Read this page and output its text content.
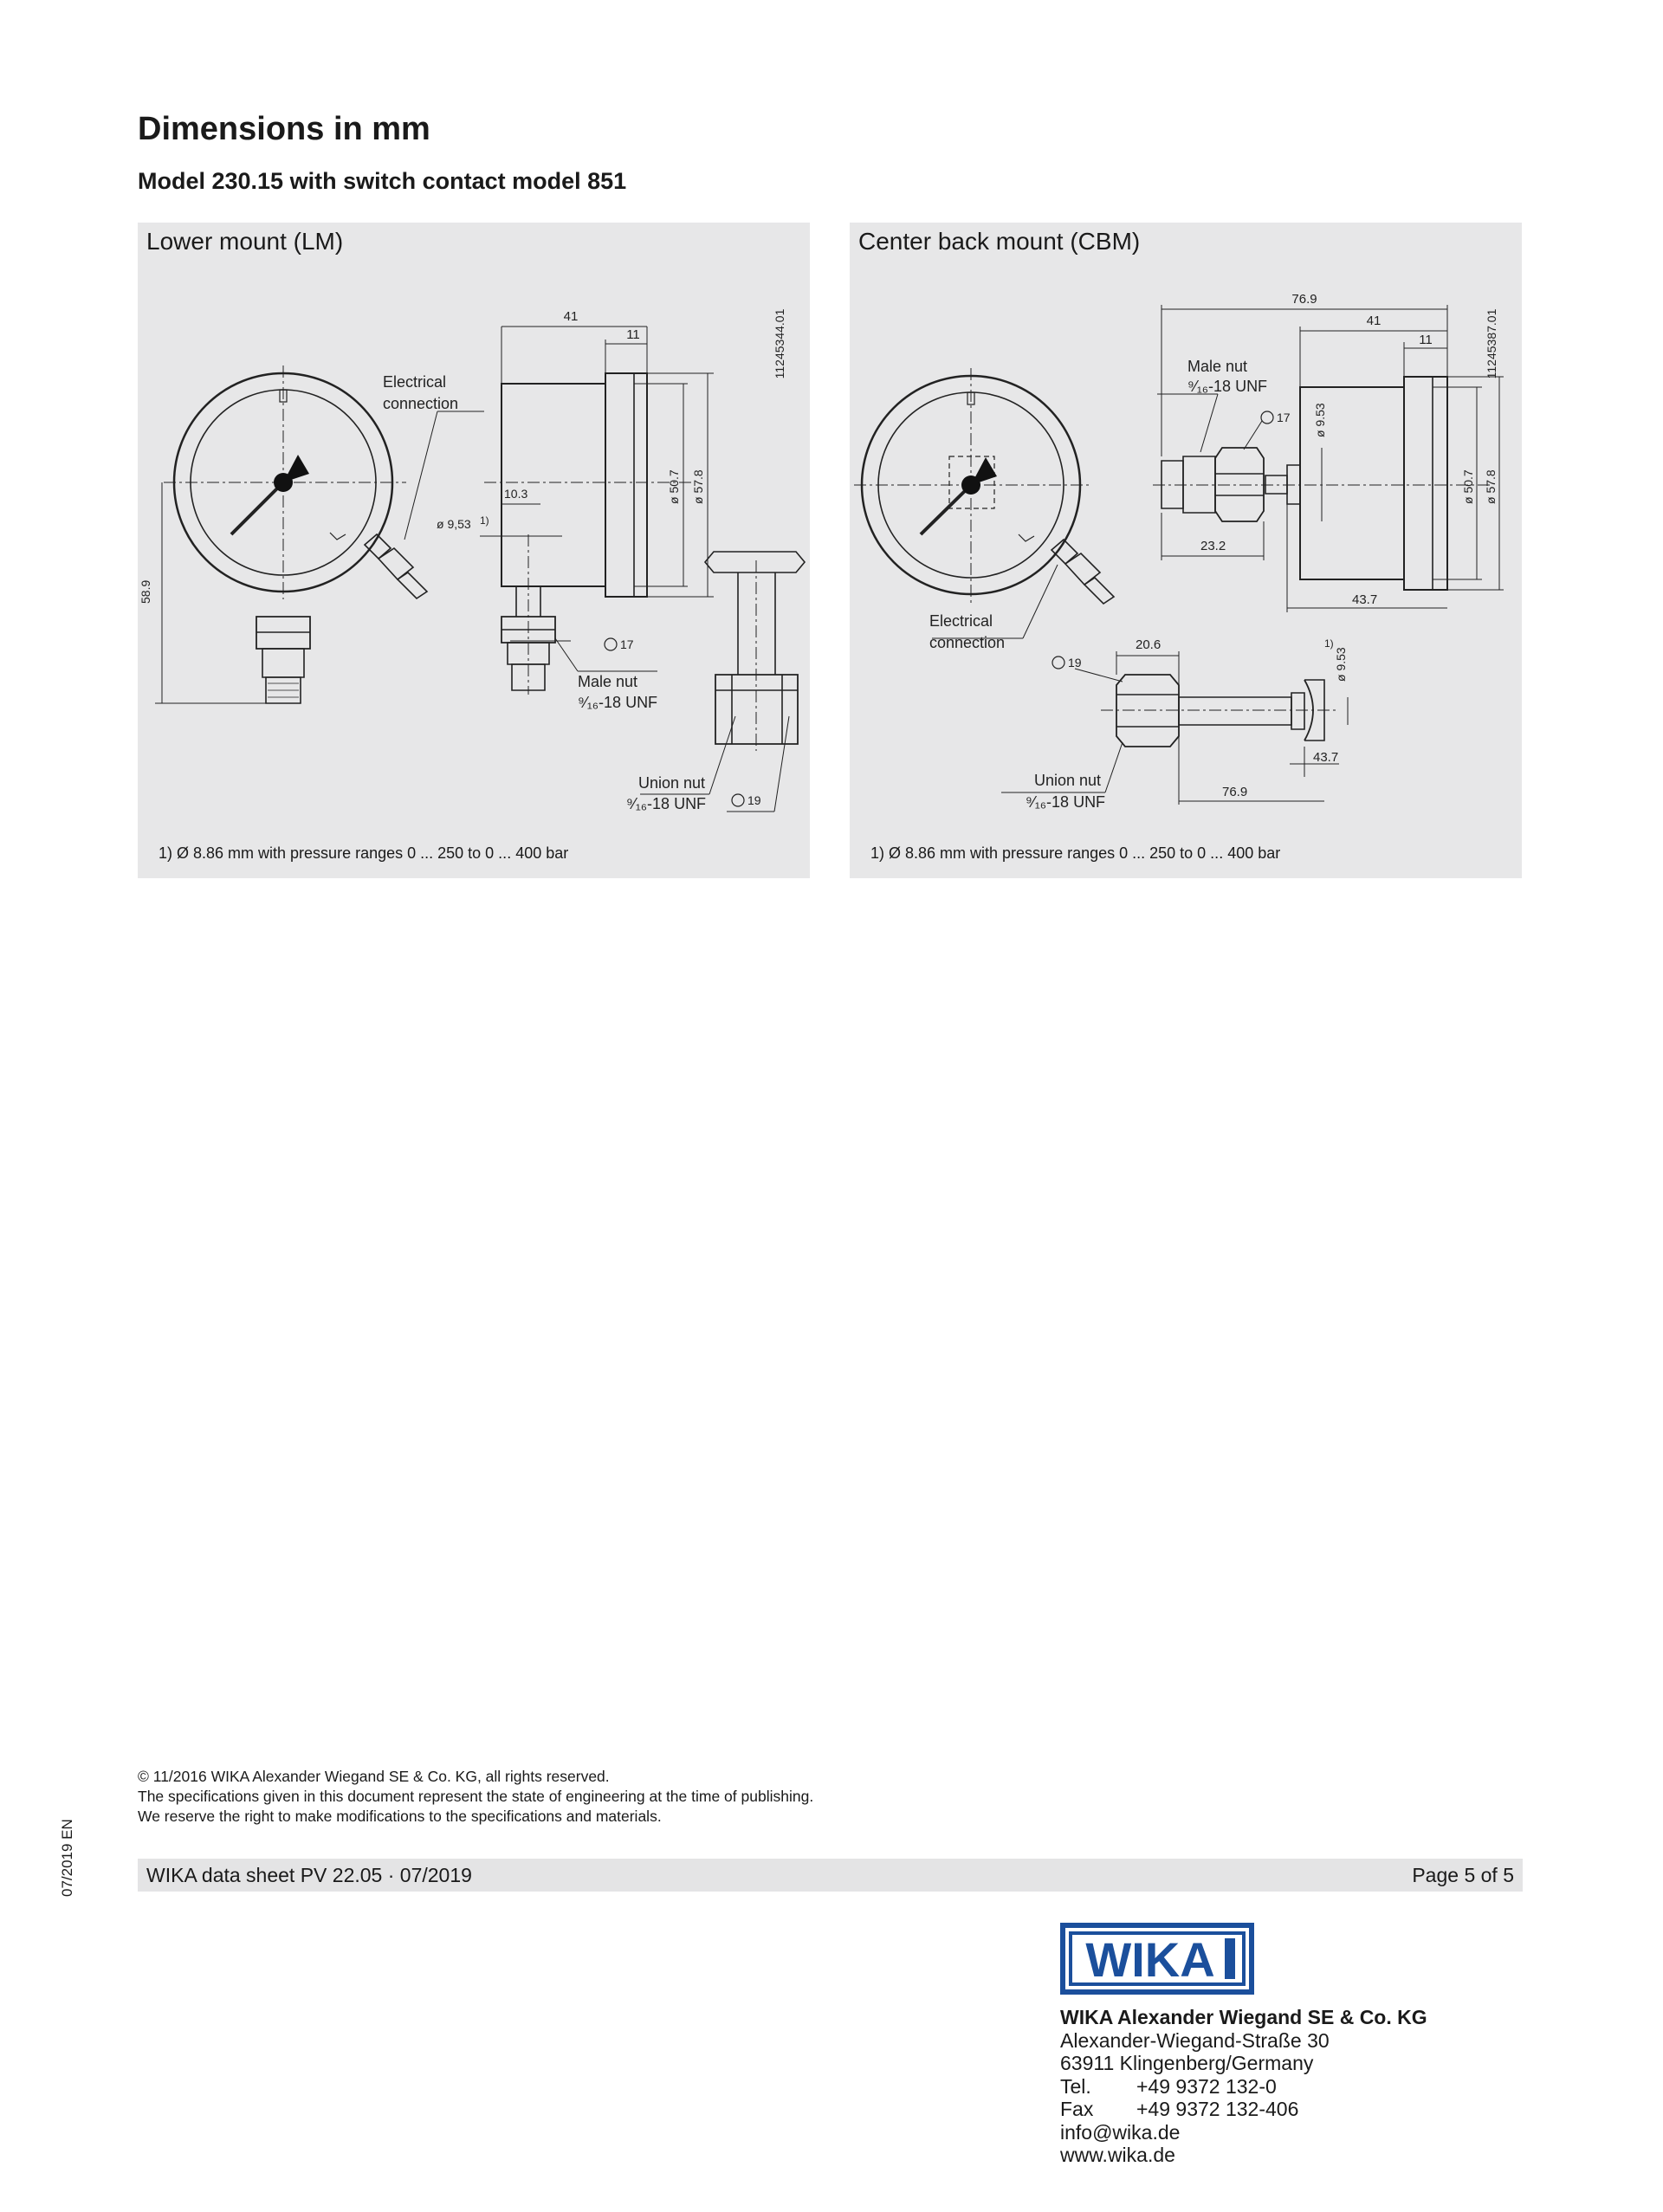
Dimensions in mm
Model 230.15 with switch contact model 851
Lower mount (LM)
58.9
41
11
ø 50.7 ø 57.8
10.3
ø 9,53 1)
17
19
Electrical
connection
Male nut
⁹⁄₁₆-18 UNF
Union nut
⁹⁄₁₆-18 UNF
11245344.01
1) Ø 8.86 mm with pressure ranges 0 ... 250 to 0 ... 400 bar
Center back mount (CBM)
Electrical
connection
76.9
41
11
ø 50.7 ø 57.8
ø 9.53
23.2
43.7
17
Male nut
⁹⁄₁₆-18 UNF
20.6
19
1)
ø 9.53
43.7
76.9
Union nut
⁹⁄₁₆-18 UNF
11245387.01
1) Ø 8.86 mm with pressure ranges 0 ... 250 to 0 ... 400 bar
© 11/2016 WIKA Alexander Wiegand SE & Co. KG, all rights reserved.
The specifications given in this document represent the state of engineering at the time of publishing.
We reserve the right to make modifications to the specifications and materials.
WIKA data sheet PV 22.05 · 07/2019	Page 5 of 5
07/2019 EN
WIKA
WIKA Alexander Wiegand SE & Co. KG
Alexander-Wiegand-Straße 30
63911 Klingenberg/Germany
Tel. +49 9372 132-0
Fax +49 9372 132-406
info@wika.de
www.wika.de
